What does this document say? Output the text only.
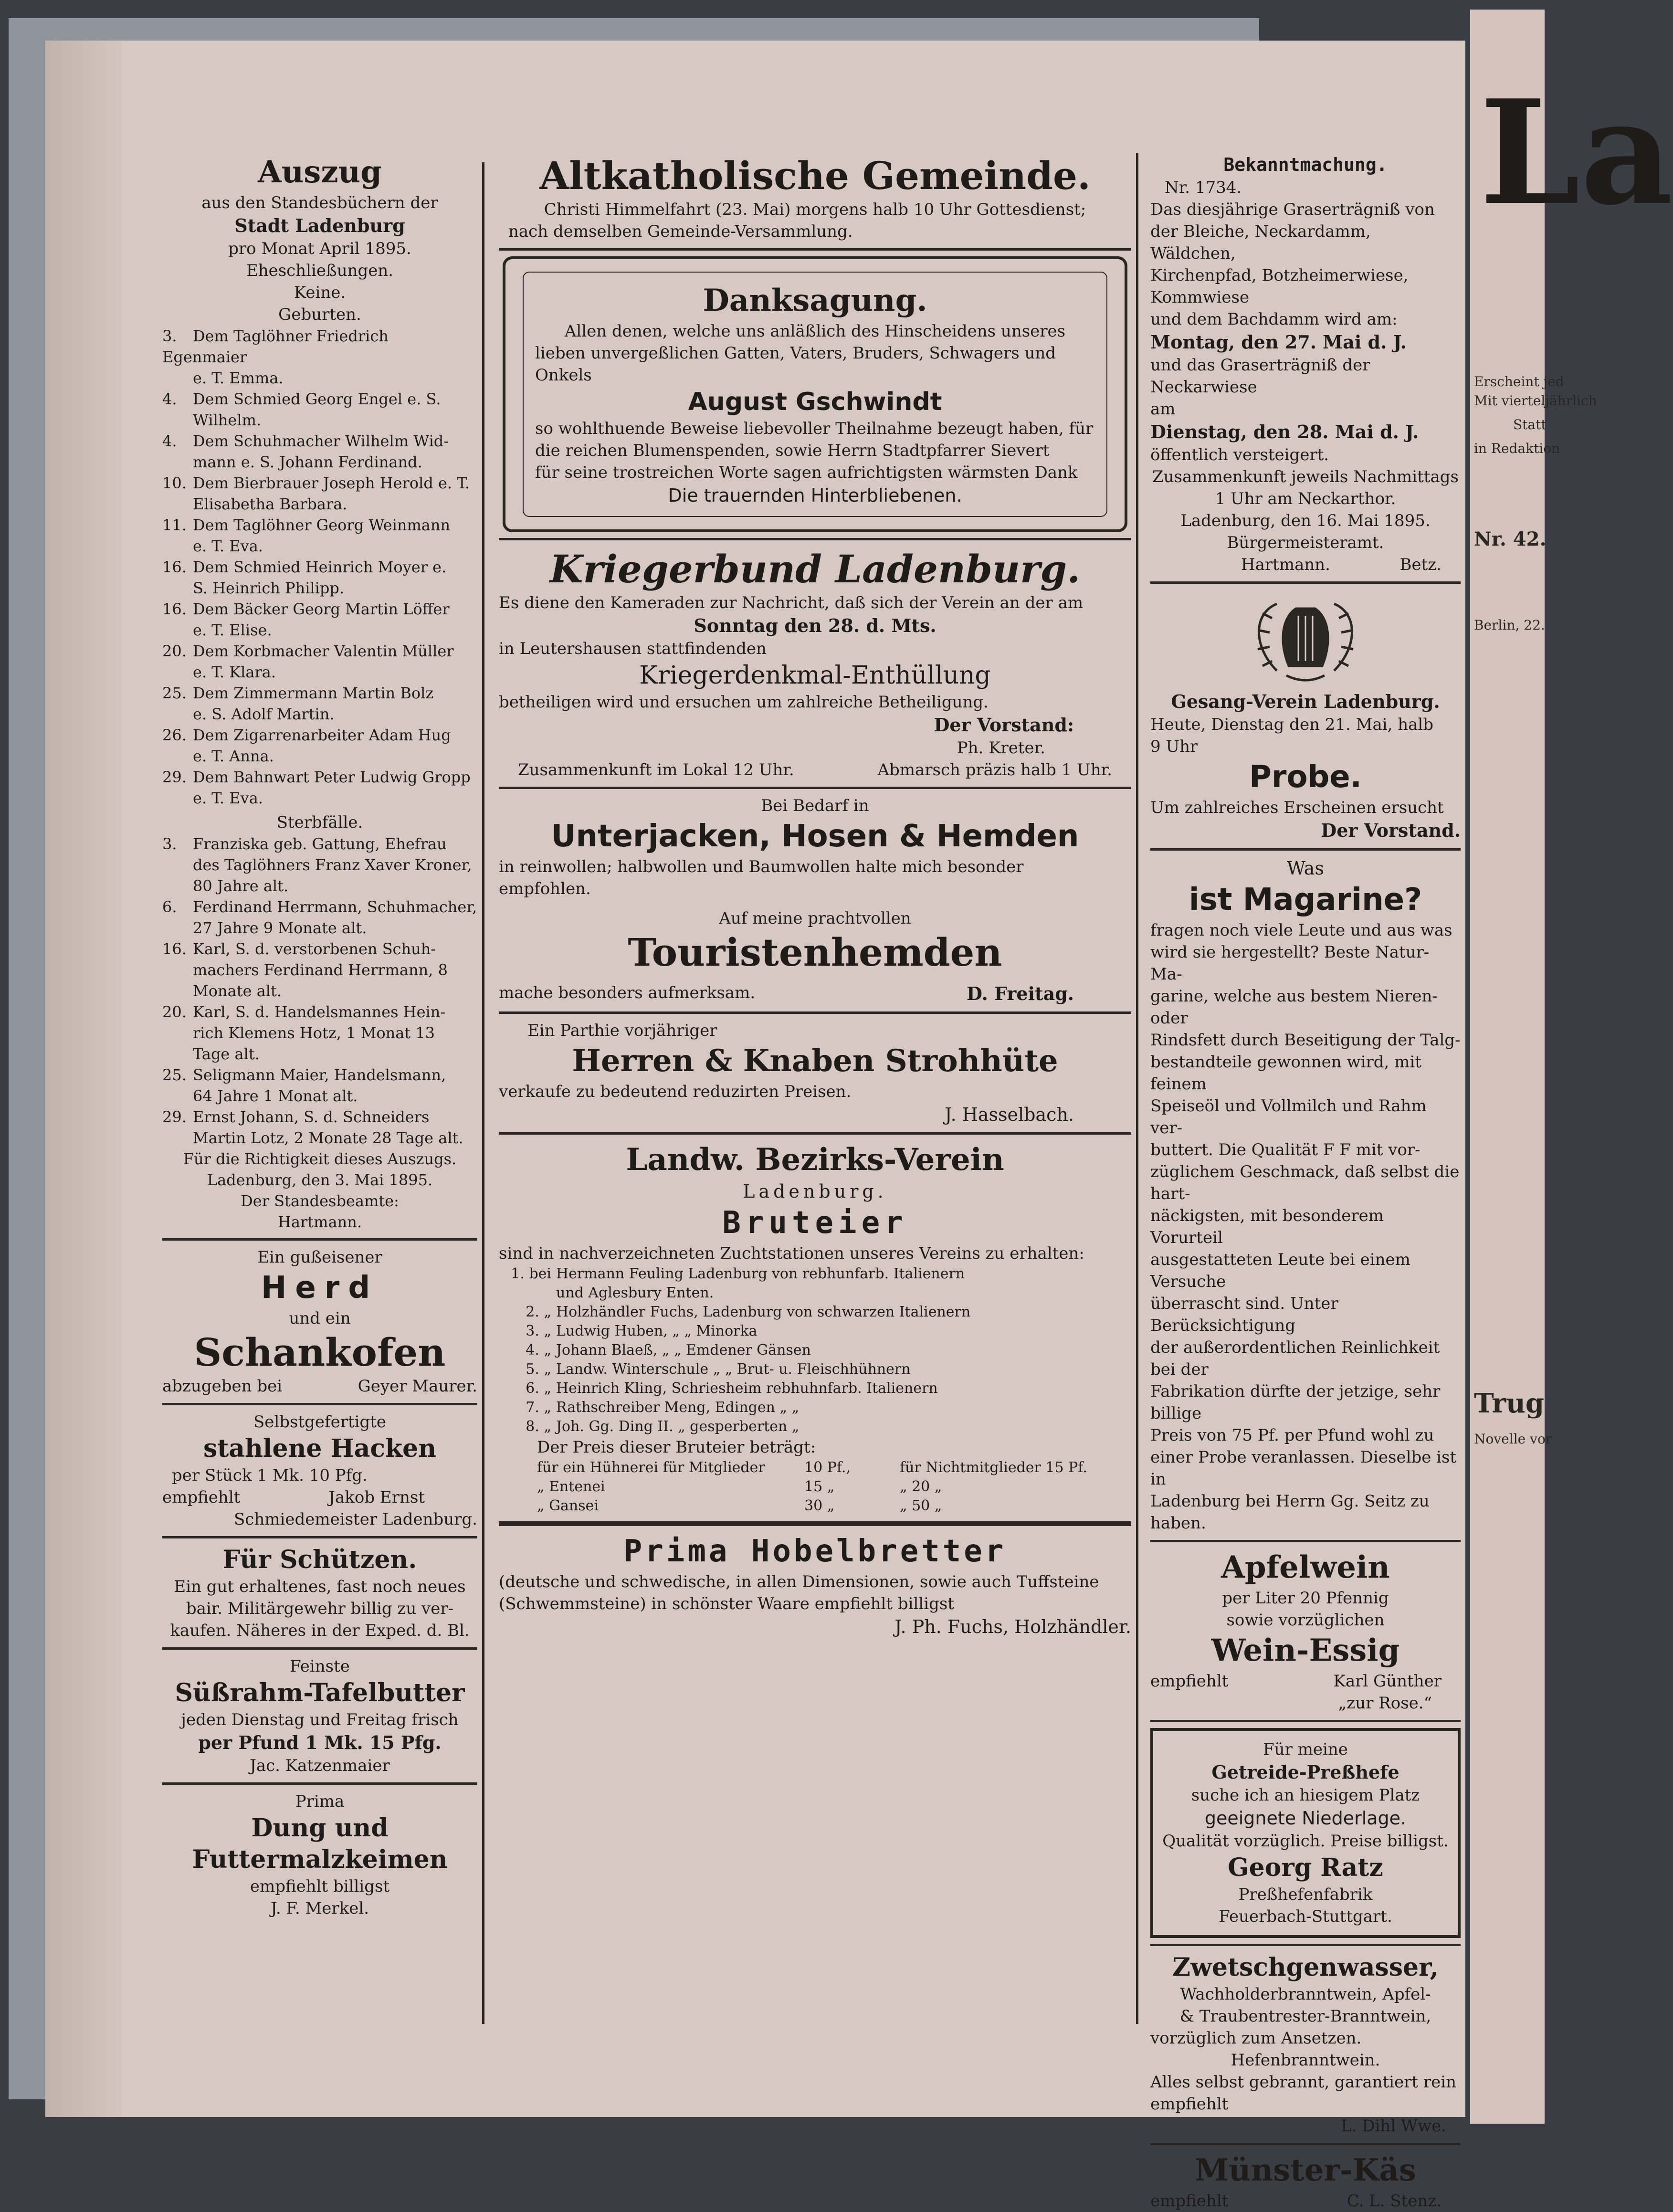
La
Erscheint jed
Mit vierteljährlich
Statt
in Redaktion
Nr. 42.
Berlin, 22.
Trug
Novelle vor
Auszug
aus den Standesbüchern der
Stadt Ladenburg
pro Monat April 1895.
Eheschließungen.
Keine.
Geburten.
3. Dem Taglöhner Friedrich Egenmaier
e. T. Emma.
4. Dem Schmied Georg Engel e. S.
Wilhelm.
4. Dem Schuhmacher Wilhelm Wid-
mann e. S. Johann Ferdinand.
10. Dem Bierbrauer Joseph Herold e. T.
Elisabetha Barbara.
11. Dem Taglöhner Georg Weinmann
e. T. Eva.
16. Dem Schmied Heinrich Moyer e.
S. Heinrich Philipp.
16. Dem Bäcker Georg Martin Löffer
e. T. Elise.
20. Dem Korbmacher Valentin Müller
e. T. Klara.
25. Dem Zimmermann Martin Bolz
e. S. Adolf Martin.
26. Dem Zigarrenarbeiter Adam Hug
e. T. Anna.
29. Dem Bahnwart Peter Ludwig Gropp
e. T. Eva.
Sterbfälle.
3. Franziska geb. Gattung, Ehefrau
des Taglöhners Franz Xaver Kroner,
80 Jahre alt.
6. Ferdinand Herrmann, Schuhmacher,
27 Jahre 9 Monate alt.
16. Karl, S. d. verstorbenen Schuh-
machers Ferdinand Herrmann, 8
Monate alt.
20. Karl, S. d. Handelsmannes Hein-
rich Klemens Hotz, 1 Monat 13
Tage alt.
25. Seligmann Maier, Handelsmann,
64 Jahre 1 Monat alt.
29. Ernst Johann, S. d. Schneiders
Martin Lotz, 2 Monate 28 Tage alt.
Für die Richtigkeit dieses Auszugs.
Ladenburg, den 3. Mai 1895.
Der Standesbeamte:
Hartmann.
Ein gußeisener
Herd
und ein
Schankofen
abzugeben bei	Geyer Maurer.
Selbstgefertigte
stahlene Hacken
per Stück 1 Mk. 10 Pfg.
empfiehlt	Jakob Ernst
Schmiedemeister Ladenburg.
Für Schützen.
Ein gut erhaltenes, fast noch neues
bair. Militärgewehr billig zu ver-
kaufen. Näheres in der Exped. d. Bl.
Feinste
Süßrahm-Tafelbutter
jeden Dienstag und Freitag frisch
per Pfund 1 Mk. 15 Pfg.
Jac. Katzenmaier
Prima
Dung und
Futtermalzkeimen
empfiehlt billigst
J. F. Merkel.
Altkatholische Gemeinde.
Christi Himmelfahrt (23. Mai) morgens halb 10 Uhr Gottesdienst;
nach demselben Gemeinde-Versammlung.
Danksagung.
Allen denen, welche uns anläßlich des Hinscheidens unseres
lieben unvergeßlichen Gatten, Vaters, Bruders, Schwagers und
Onkels
August Gschwindt
so wohlthuende Beweise liebevoller Theilnahme bezeugt haben, für
die reichen Blumenspenden, sowie Herrn Stadtpfarrer Sievert
für seine trostreichen Worte sagen aufrichtigsten wärmsten Dank
Die trauernden Hinterbliebenen.
Kriegerbund Ladenburg.
Es diene den Kameraden zur Nachricht, daß sich der Verein an der am
Sonntag den 28. d. Mts.
in Leutershausen stattfindenden
Kriegerdenkmal-Enthüllung
betheiligen wird und ersuchen um zahlreiche Betheiligung.
Der Vorstand:
Ph. Kreter.
Zusammenkunft im Lokal 12 Uhr.	Abmarsch präzis halb 1 Uhr.
Bei Bedarf in
Unterjacken, Hosen & Hemden
in reinwollen; halbwollen und Baumwollen halte mich besonder
empfohlen.
Auf meine prachtvollen
Touristenhemden
mache besonders aufmerksam.	D. Freitag.
Ein Parthie vorjähriger
Herren & Knaben Strohhüte
verkaufe zu bedeutend reduzirten Preisen.
J. Hasselbach.
Landw. Bezirks-Verein
Ladenburg.
Bruteier
sind in nachverzeichneten Zuchtstationen unseres Vereins zu erhalten:
1. bei Hermann Feuling Ladenburg von rebhunfarb. Italienern
und Aglesbury Enten.
2. „ Holzhändler Fuchs, Ladenburg von schwarzen Italienern
3. „ Ludwig Huben, „ „ Minorka
4. „ Johann Blaeß, „ „ Emdener Gänsen
5. „ Landw. Winterschule „ „ Brut- u. Fleischhühnern
6. „ Heinrich Kling, Schriesheim rebhuhnfarb. Italienern
7. „ Rathschreiber Meng, Edingen „ „
8. „ Joh. Gg. Ding II. „ gesperberten „
Der Preis dieser Bruteier beträgt:
für ein Hühnerei für Mitglieder	10 Pf.,	für Nichtmitglieder 15 Pf.
„ Entenei	15 „	„ 20 „
„ Gansei	30 „	„ 50 „
Prima Hobelbretter
(deutsche und schwedische, in allen Dimensionen, sowie auch Tuffsteine
(Schwemmsteine) in schönster Waare empfiehlt billigst
J. Ph. Fuchs, Holzhändler.
Bekanntmachung.
Nr. 1734.
Das diesjährige Graserträgniß von
der Bleiche, Neckardamm, Wäldchen,
Kirchenpfad, Botzheimerwiese, Kommwiese
und dem Bachdamm wird am:
Montag, den 27. Mai d. J.
und das Graserträgniß der Neckarwiese
am
Dienstag, den 28. Mai d. J.
öffentlich versteigert.
Zusammenkunft jeweils Nachmittags
1 Uhr am Neckarthor.
Ladenburg, den 16. Mai 1895.
Bürgermeisteramt.
Hartmann.	Betz.
Gesang-Verein Ladenburg.
Heute, Dienstag den 21. Mai, halb
9 Uhr
Probe.
Um zahlreiches Erscheinen ersucht
Der Vorstand.
Was
ist Magarine?
fragen noch viele Leute und aus was
wird sie hergestellt? Beste Natur-Ma-
garine, welche aus bestem Nieren- oder
Rindsfett durch Beseitigung der Talg-
bestandteile gewonnen wird, mit feinem
Speiseöl und Vollmilch und Rahm ver-
buttert. Die Qualität F F mit vor-
züglichem Geschmack, daß selbst die hart-
näckigsten, mit besonderem Vorurteil
ausgestatteten Leute bei einem Versuche
überrascht sind. Unter Berücksichtigung
der außerordentlichen Reinlichkeit bei der
Fabrikation dürfte der jetzige, sehr billige
Preis von 75 Pf. per Pfund wohl zu
einer Probe veranlassen. Dieselbe ist in
Ladenburg bei Herrn Gg. Seitz zu
haben.
Apfelwein
per Liter 20 Pfennig
sowie vorzüglichen
Wein-Essig
empfiehlt	Karl Günther
„zur Rose.“
Für meine
Getreide-Preßhefe
suche ich an hiesigem Platz
geeignete Niederlage.
Qualität vorzüglich. Preise billigst.
Georg Ratz
Preßhefenfabrik
Feuerbach-Stuttgart.
Zwetschgenwasser,
Wachholderbranntwein, Apfel-
& Traubentrester-Branntwein,
vorzüglich zum Ansetzen.
Hefenbranntwein.
Alles selbst gebrannt, garantiert rein
empfiehlt
L. Dihl Wwe.
Münster-Käs
empfiehlt	C. L. Stenz.
